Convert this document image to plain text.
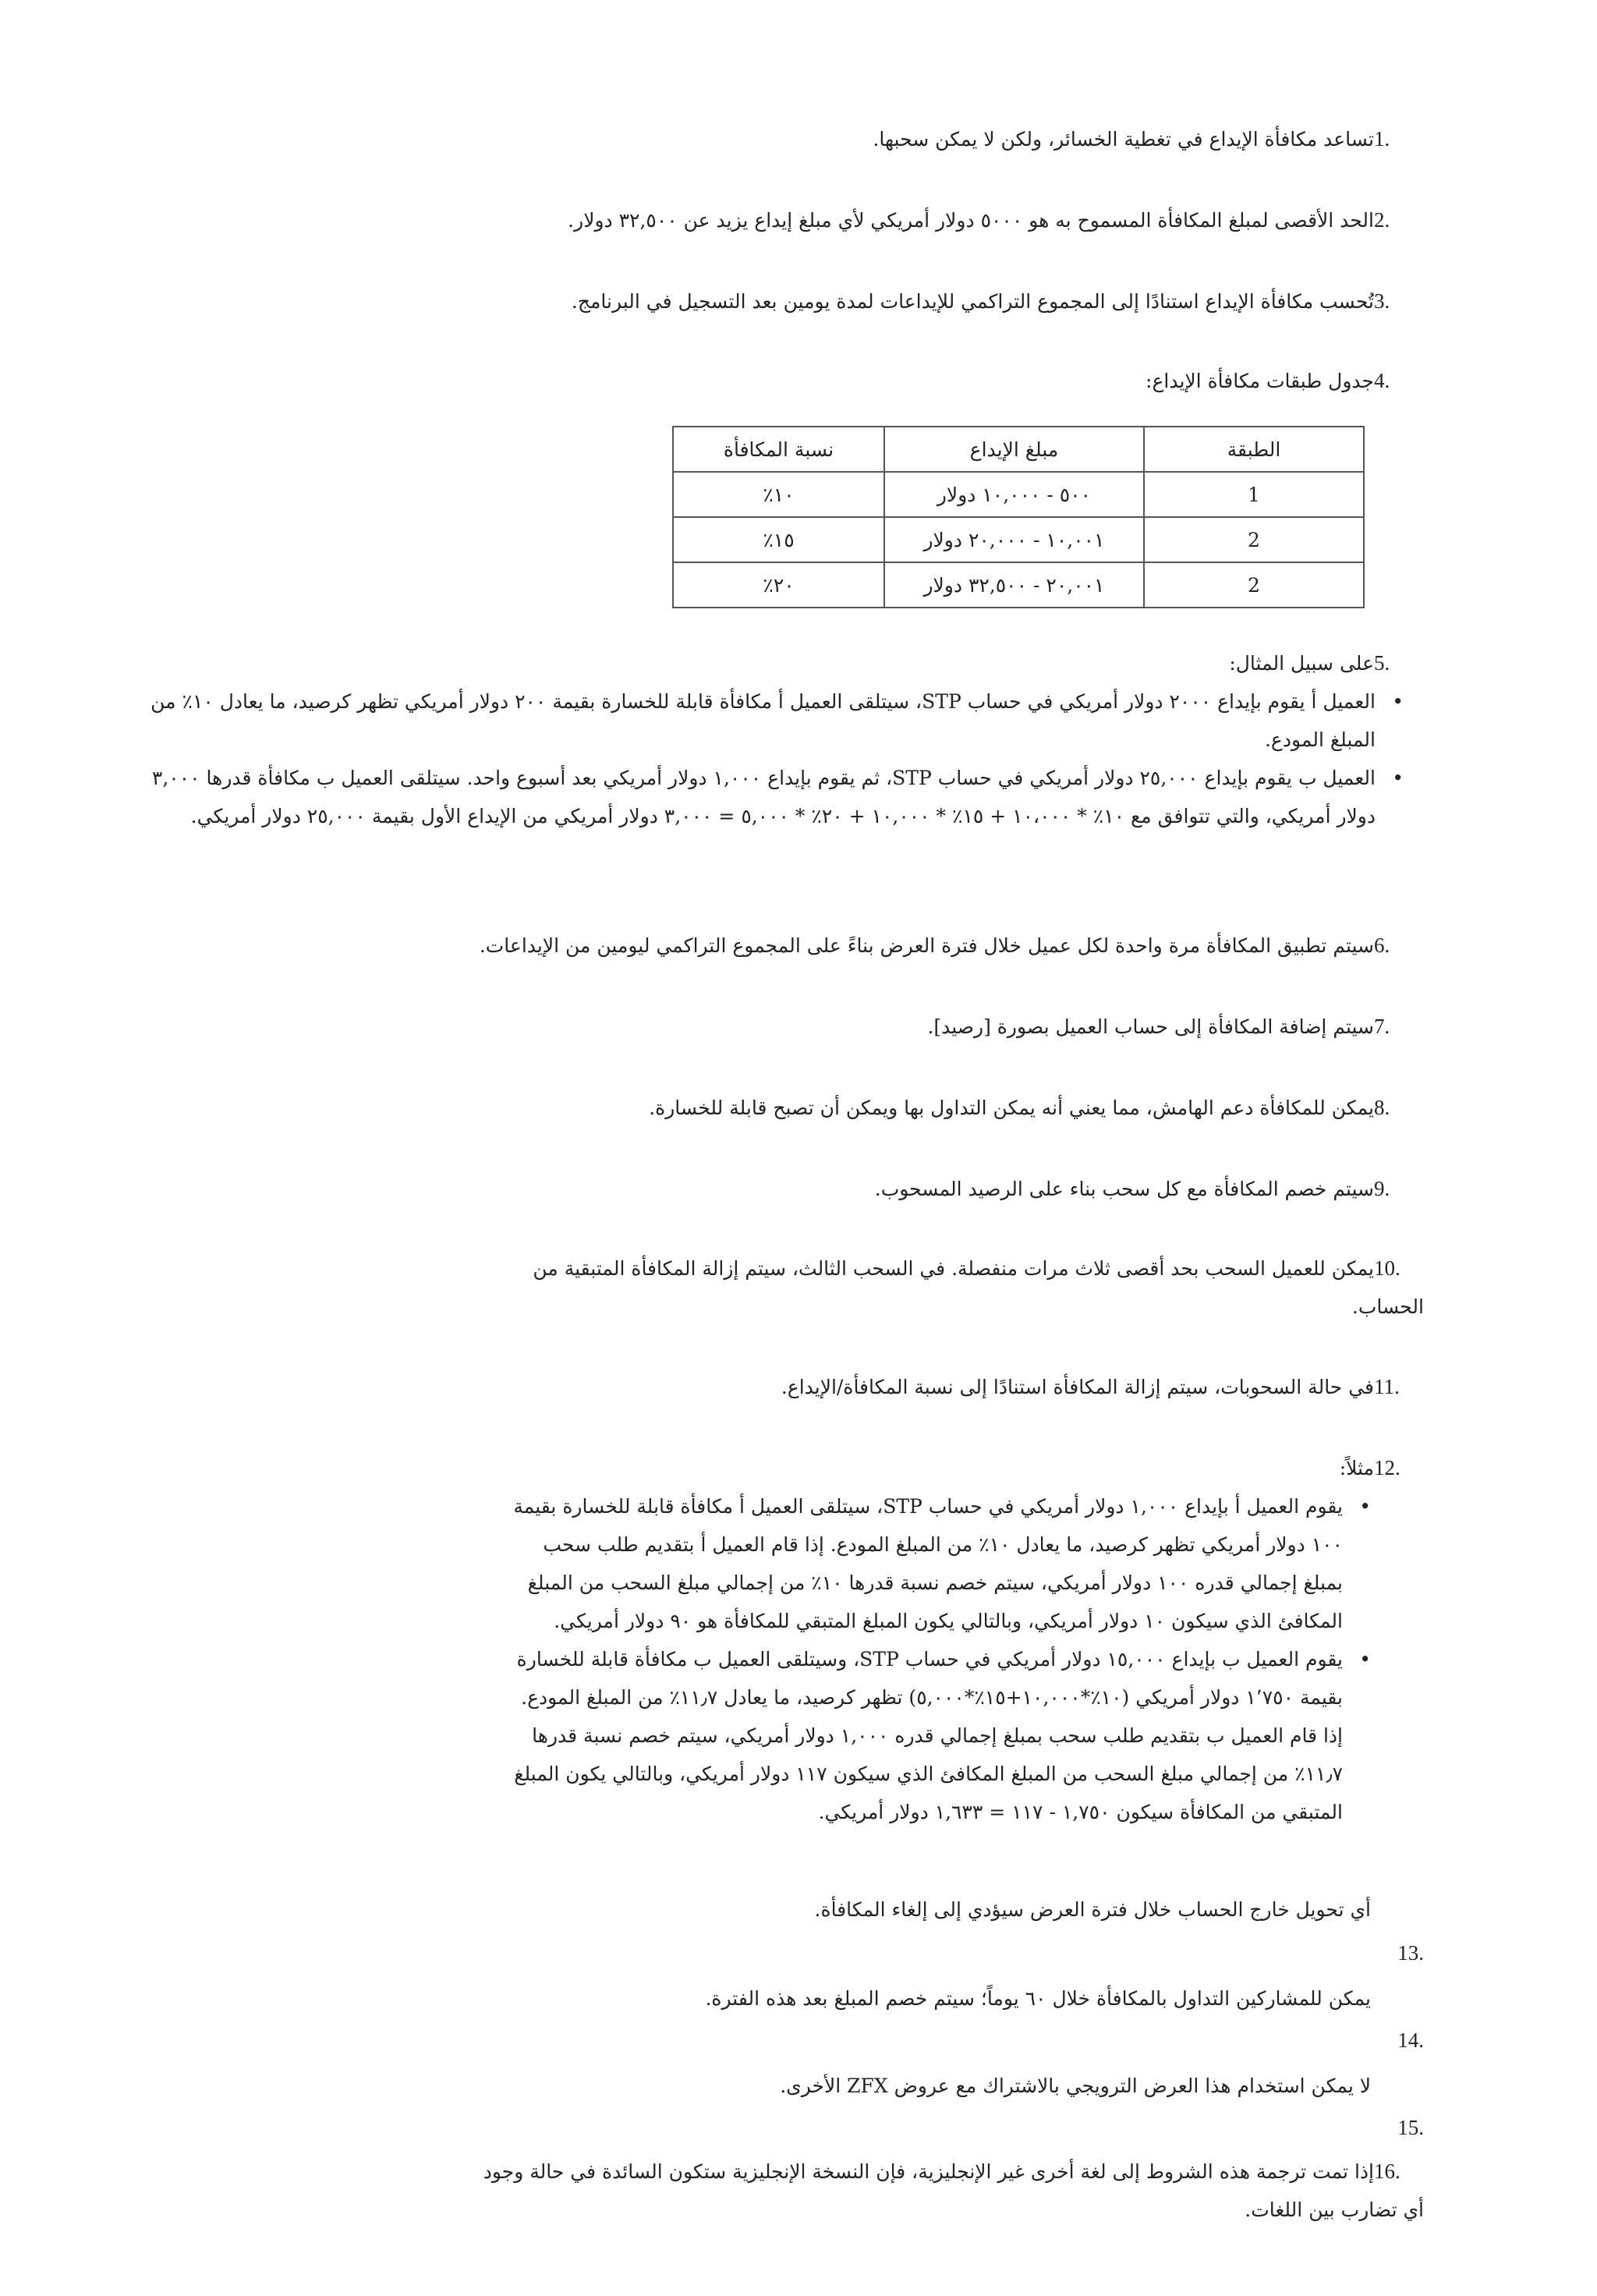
1.تساعد مكافأة الإيداع في تغطية الخسائر، ولكن لا يمكن سحبها.
2.الحد الأقصى لمبلغ المكافأة المسموح به هو ٥٠٠٠ دولار أمريكي لأي مبلغ إيداع يزيد عن ٣٢,٥٠٠ دولار.
3.تُحسب مكافأة الإيداع استنادًا إلى المجموع التراكمي للإيداعات لمدة يومين بعد التسجيل في البرنامج.
4.جدول طبقات مكافأة الإيداع:
الطبقة	مبلغ الإيداع	نسبة المكافأة
1	٥٠٠ - ١٠,٠٠٠ دولار	١٠٪
2	١٠,٠٠١ - ٢٠,٠٠٠ دولار	١٥٪
2	٢٠,٠٠١ - ٣٢,٥٠٠ دولار	٢٠٪
5.على سبيل المثال:
• العميل أ يقوم بإيداع ٢٠٠٠ دولار أمريكي في حساب STP، سيتلقى العميل أ مكافأة قابلة للخسارة بقيمة ٢٠٠ دولار أمريكي تظهر كرصيد، ما يعادل ١٠٪ من المبلغ المودع.
• العميل ب يقوم بإيداع ٢٥,٠٠٠ دولار أمريكي في حساب STP، ثم يقوم بإيداع ١,٠٠٠ دولار أمريكي بعد أسبوع واحد. سيتلقى العميل ب مكافأة قدرها ٣,٠٠٠ دولار أمريكي، والتي تتوافق مع ١٠٪ * ١٠،٠٠٠ + ١٥٪ * ١٠,٠٠٠ + ٢٠٪ * ٥,٠٠٠ = ٣,٠٠٠ دولار أمريكي من الإيداع الأول بقيمة ٢٥,٠٠٠ دولار أمريكي.
6.سيتم تطبيق المكافأة مرة واحدة لكل عميل خلال فترة العرض بناءً على المجموع التراكمي ليومين من الإيداعات.
7.سيتم إضافة المكافأة إلى حساب العميل بصورة [رصيد].
8.يمكن للمكافأة دعم الهامش، مما يعني أنه يمكن التداول بها ويمكن أن تصبح قابلة للخسارة.
9.سيتم خصم المكافأة مع كل سحب بناء على الرصيد المسحوب.
10.يمكن للعميل السحب بحد أقصى ثلاث مرات منفصلة. في السحب الثالث، سيتم إزالة المكافأة المتبقية من الحساب.
11.في حالة السحوبات، سيتم إزالة المكافأة استنادًا إلى نسبة المكافأة/الإيداع.
12.مثلاً:
• يقوم العميل أ بإيداع ١,٠٠٠ دولار أمريكي في حساب STP، سيتلقى العميل أ مكافأة قابلة للخسارة بقيمة ١٠٠ دولار أمريكي تظهر كرصيد، ما يعادل ١٠٪ من المبلغ المودع. إذا قام العميل أ بتقديم طلب سحب بمبلغ إجمالي قدره ١٠٠ دولار أمريكي، سيتم خصم نسبة قدرها ١٠٪ من إجمالي مبلغ السحب من المبلغ المكافئ الذي سيكون ١٠ دولار أمريكي، وبالتالي يكون المبلغ المتبقي للمكافأة هو ٩٠ دولار أمريكي.
• يقوم العميل ب بإيداع ١٥,٠٠٠ دولار أمريكي في حساب STP، وسيتلقى العميل ب مكافأة قابلة للخسارة بقيمة ١٬٧٥٠ دولار أمريكي (١٠٪*١٠,٠٠٠+١٥٪*٥,٠٠٠) تظهر كرصيد، ما يعادل ١١٫٧٪ من المبلغ المودع. إذا قام العميل ب بتقديم طلب سحب بمبلغ إجمالي قدره ١,٠٠٠ دولار أمريكي، سيتم خصم نسبة قدرها ١١٫٧٪ من إجمالي مبلغ السحب من المبلغ المكافئ الذي سيكون ١١٧ دولار أمريكي، وبالتالي يكون المبلغ المتبقي من المكافأة سيكون ١,٧٥٠ - ١١٧ = ١,٦٣٣ دولار أمريكي.
أي تحويل خارج الحساب خلال فترة العرض سيؤدي إلى إلغاء المكافأة.
.13
يمكن للمشاركين التداول بالمكافأة خلال ٦٠ يوماً؛ سيتم خصم المبلغ بعد هذه الفترة.
.14
لا يمكن استخدام هذا العرض الترويجي بالاشتراك مع عروض ZFX الأخرى.
.15
16.إذا تمت ترجمة هذه الشروط إلى لغة أخرى غير الإنجليزية، فإن النسخة الإنجليزية ستكون السائدة في حالة وجود أي تضارب بين اللغات.
